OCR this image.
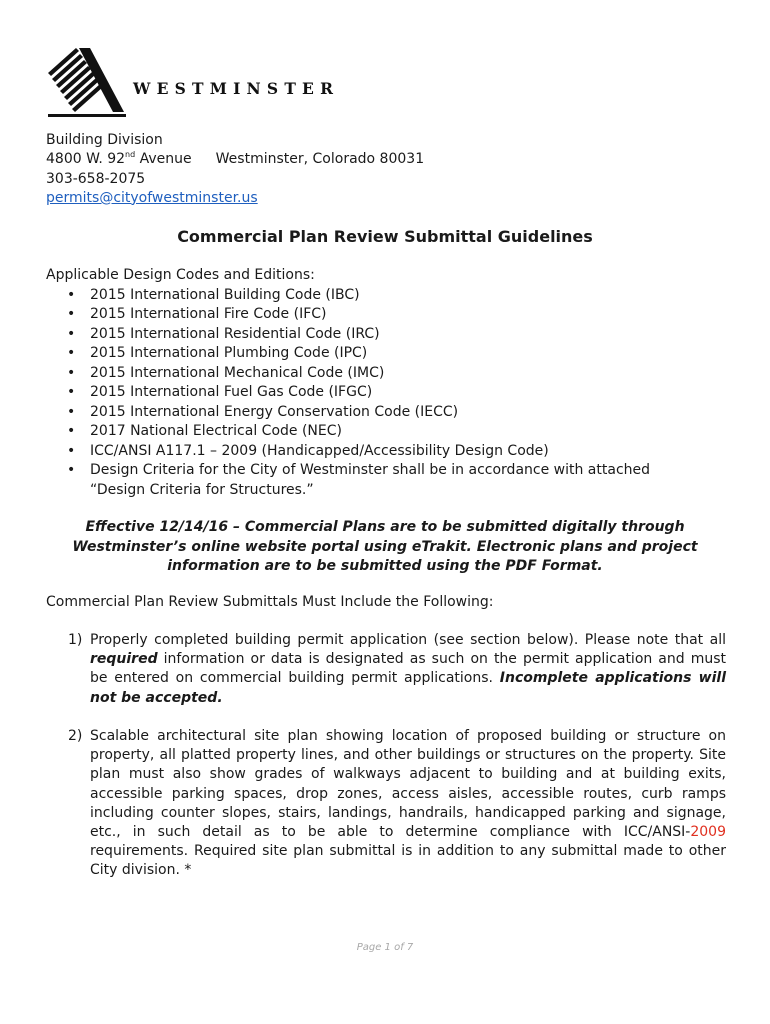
WESTMINSTER
Building Division
4800 W. 92nd Avenue Westminster, Colorado 80031
303-658-2075
permits@cityofwestminster.us
Commercial Plan Review Submittal Guidelines
Applicable Design Codes and Editions:
• 2015 International Building Code (IBC)
• 2015 International Fire Code (IFC)
• 2015 International Residential Code (IRC)
• 2015 International Plumbing Code (IPC)
• 2015 International Mechanical Code (IMC)
• 2015 International Fuel Gas Code (IFGC)
• 2015 International Energy Conservation Code (IECC)
• 2017 National Electrical Code (NEC)
• ICC/ANSI A117.1 – 2009 (Handicapped/Accessibility Design Code)
• Design Criteria for the City of Westminster shall be in accordance with attached “Design Criteria for Structures.”
Effective 12/14/16 – Commercial Plans are to be submitted digitally through
Westminster’s online website portal using eTrakit. Electronic plans and project
information are to be submitted using the PDF Format.
Commercial Plan Review Submittals Must Include the Following:
1) Properly completed building permit application (see section below). Please note that all required information or data is designated as such on the permit application and must be entered on commercial building permit applications. Incomplete applications will not be accepted.
2) Scalable architectural site plan showing location of proposed building or structure on property, all platted property lines, and other buildings or structures on the property. Site plan must also show grades of walkways adjacent to building and at building exits, accessible parking spaces, drop zones, access aisles, accessible routes, curb ramps including counter slopes, stairs, landings, handrails, handicapped parking and signage, etc., in such detail as to be able to determine compliance with ICC/ANSI-2009 requirements. Required site plan submittal is in addition to any submittal made to other City division. *
Page 1 of 7
